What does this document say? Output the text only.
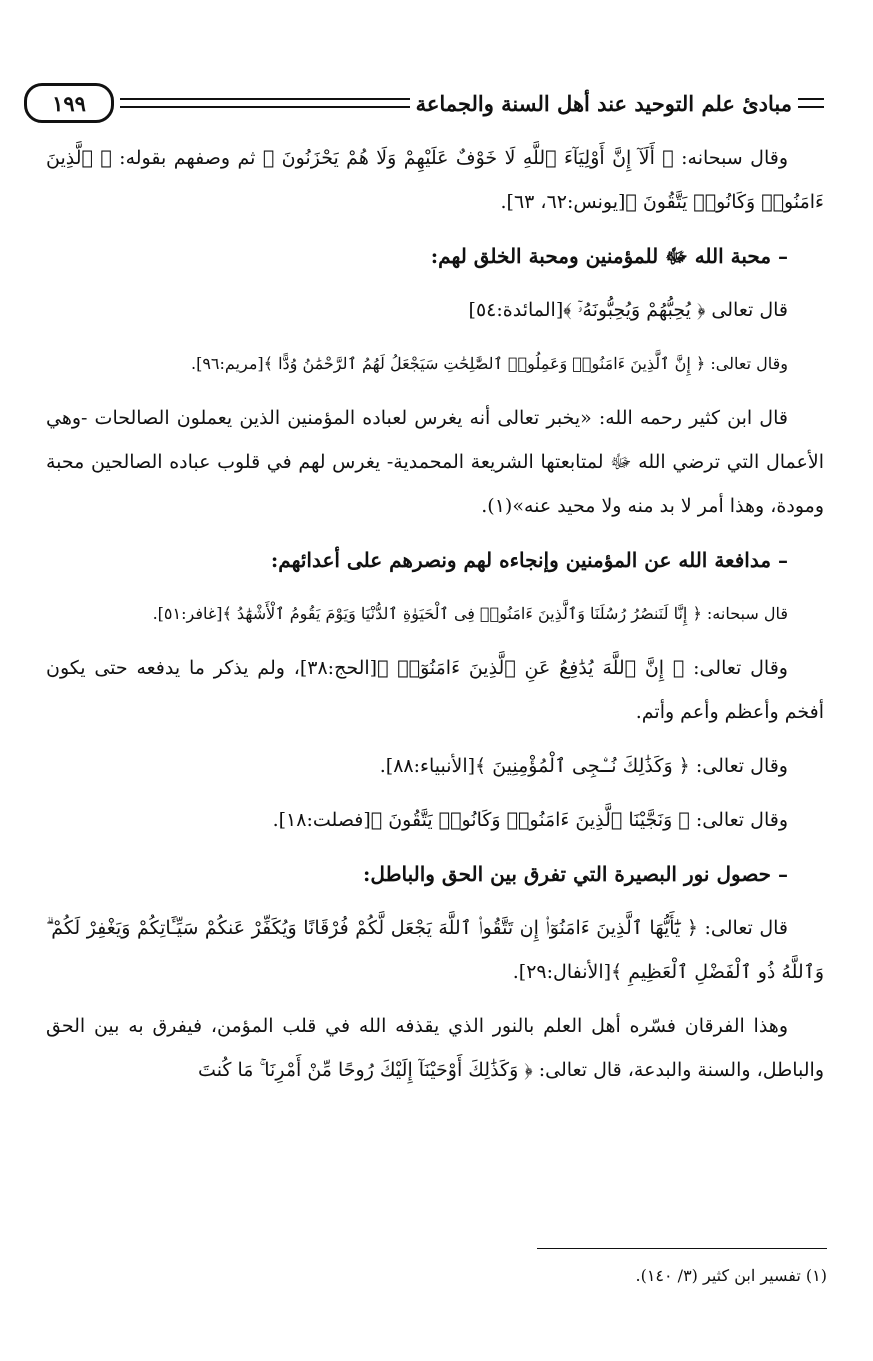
مبادئ علم التوحيد عند أهل السنة والجماعة
١٩٩

وقال سبحانه: ﴿ أَلَآ إِنَّ أَوْلِيَآءَ ٱللَّهِ لَا خَوْفٌ عَلَيْهِمْ وَلَا هُمْ يَحْزَنُونَ ﴾ ثم وصفهم بقوله: ﴿ ٱلَّذِينَ ءَامَنُوا۟ وَكَانُوا۟ يَتَّقُونَ ﴾[يونس:٦٢، ٦٣].

– محبة الله ﷻ للمؤمنين ومحبة الخلق لهم:

قال تعالى ﴿ يُحِبُّهُمْ وَيُحِبُّونَهُۥٓ ﴾[المائدة:٥٤]

وقال تعالى: ﴿ إِنَّ ٱلَّذِينَ ءَامَنُوا۟ وَعَمِلُوا۟ ٱلصَّٰلِحَٰتِ سَيَجْعَلُ لَهُمُ ٱلرَّحْمَٰنُ وُدًّا ﴾[مريم:٩٦].

قال ابن كثير رحمه الله: «يخبر تعالى أنه يغرس لعباده المؤمنين الذين يعملون الصالحات -وهي الأعمال التي ترضي الله ﷻ لمتابعتها الشريعة المحمدية- يغرس لهم في قلوب عباده الصالحين محبة ومودة، وهذا أمر لا بد منه ولا محيد عنه»(١).

– مدافعة الله عن المؤمنين وإنجاءه لهم ونصرهم على أعدائهم:

قال سبحانه: ﴿ إِنَّا لَنَنصُرُ رُسُلَنَا وَٱلَّذِينَ ءَامَنُوا۟ فِى ٱلْحَيَوٰةِ ٱلدُّنْيَا وَيَوْمَ يَقُومُ ٱلْأَشْهَٰدُ ﴾[غافر:٥١].

وقال تعالى: ﴿ إِنَّ ٱللَّهَ يُدَٰفِعُ عَنِ ٱلَّذِينَ ءَامَنُوٓا۟ ﴾[الحج:٣٨]، ولم يذكر ما يدفعه حتى يكون أفخم وأعظم وأعم وأتم.

وقال تعالى: ﴿ وَكَذَٰلِكَ نُـۨجِى ٱلْمُؤْمِنِينَ ﴾[الأنبياء:٨٨].

وقال تعالى: ﴿ وَنَجَّيْنَا ٱلَّذِينَ ءَامَنُوا۟ وَكَانُوا۟ يَتَّقُونَ ﴾[فصلت:١٨].

– حصول نور البصيرة التي تفرق بين الحق والباطل:

قال تعالى: ﴿ يَٰٓأَيُّهَا ٱلَّذِينَ ءَامَنُوٓا۟ إِن تَتَّقُوا۟ ٱللَّهَ يَجْعَل لَّكُمْ فُرْقَانًا وَيُكَفِّرْ عَنكُمْ سَيِّـَٔاتِكُمْ وَيَغْفِرْ لَكُمْ ۗ وَٱللَّهُ ذُو ٱلْفَضْلِ ٱلْعَظِيمِ ﴾[الأنفال:٢٩].

وهذا الفرقان فسّره أهل العلم بالنور الذي يقذفه الله في قلب المؤمن، فيفرق به بين الحق والباطل، والسنة والبدعة، قال تعالى: ﴿ وَكَذَٰلِكَ أَوْحَيْنَآ إِلَيْكَ رُوحًا مِّنْ أَمْرِنَا ۚ مَا كُنتَ

(١) تفسير ابن كثير (٣/ ١٤٠).
